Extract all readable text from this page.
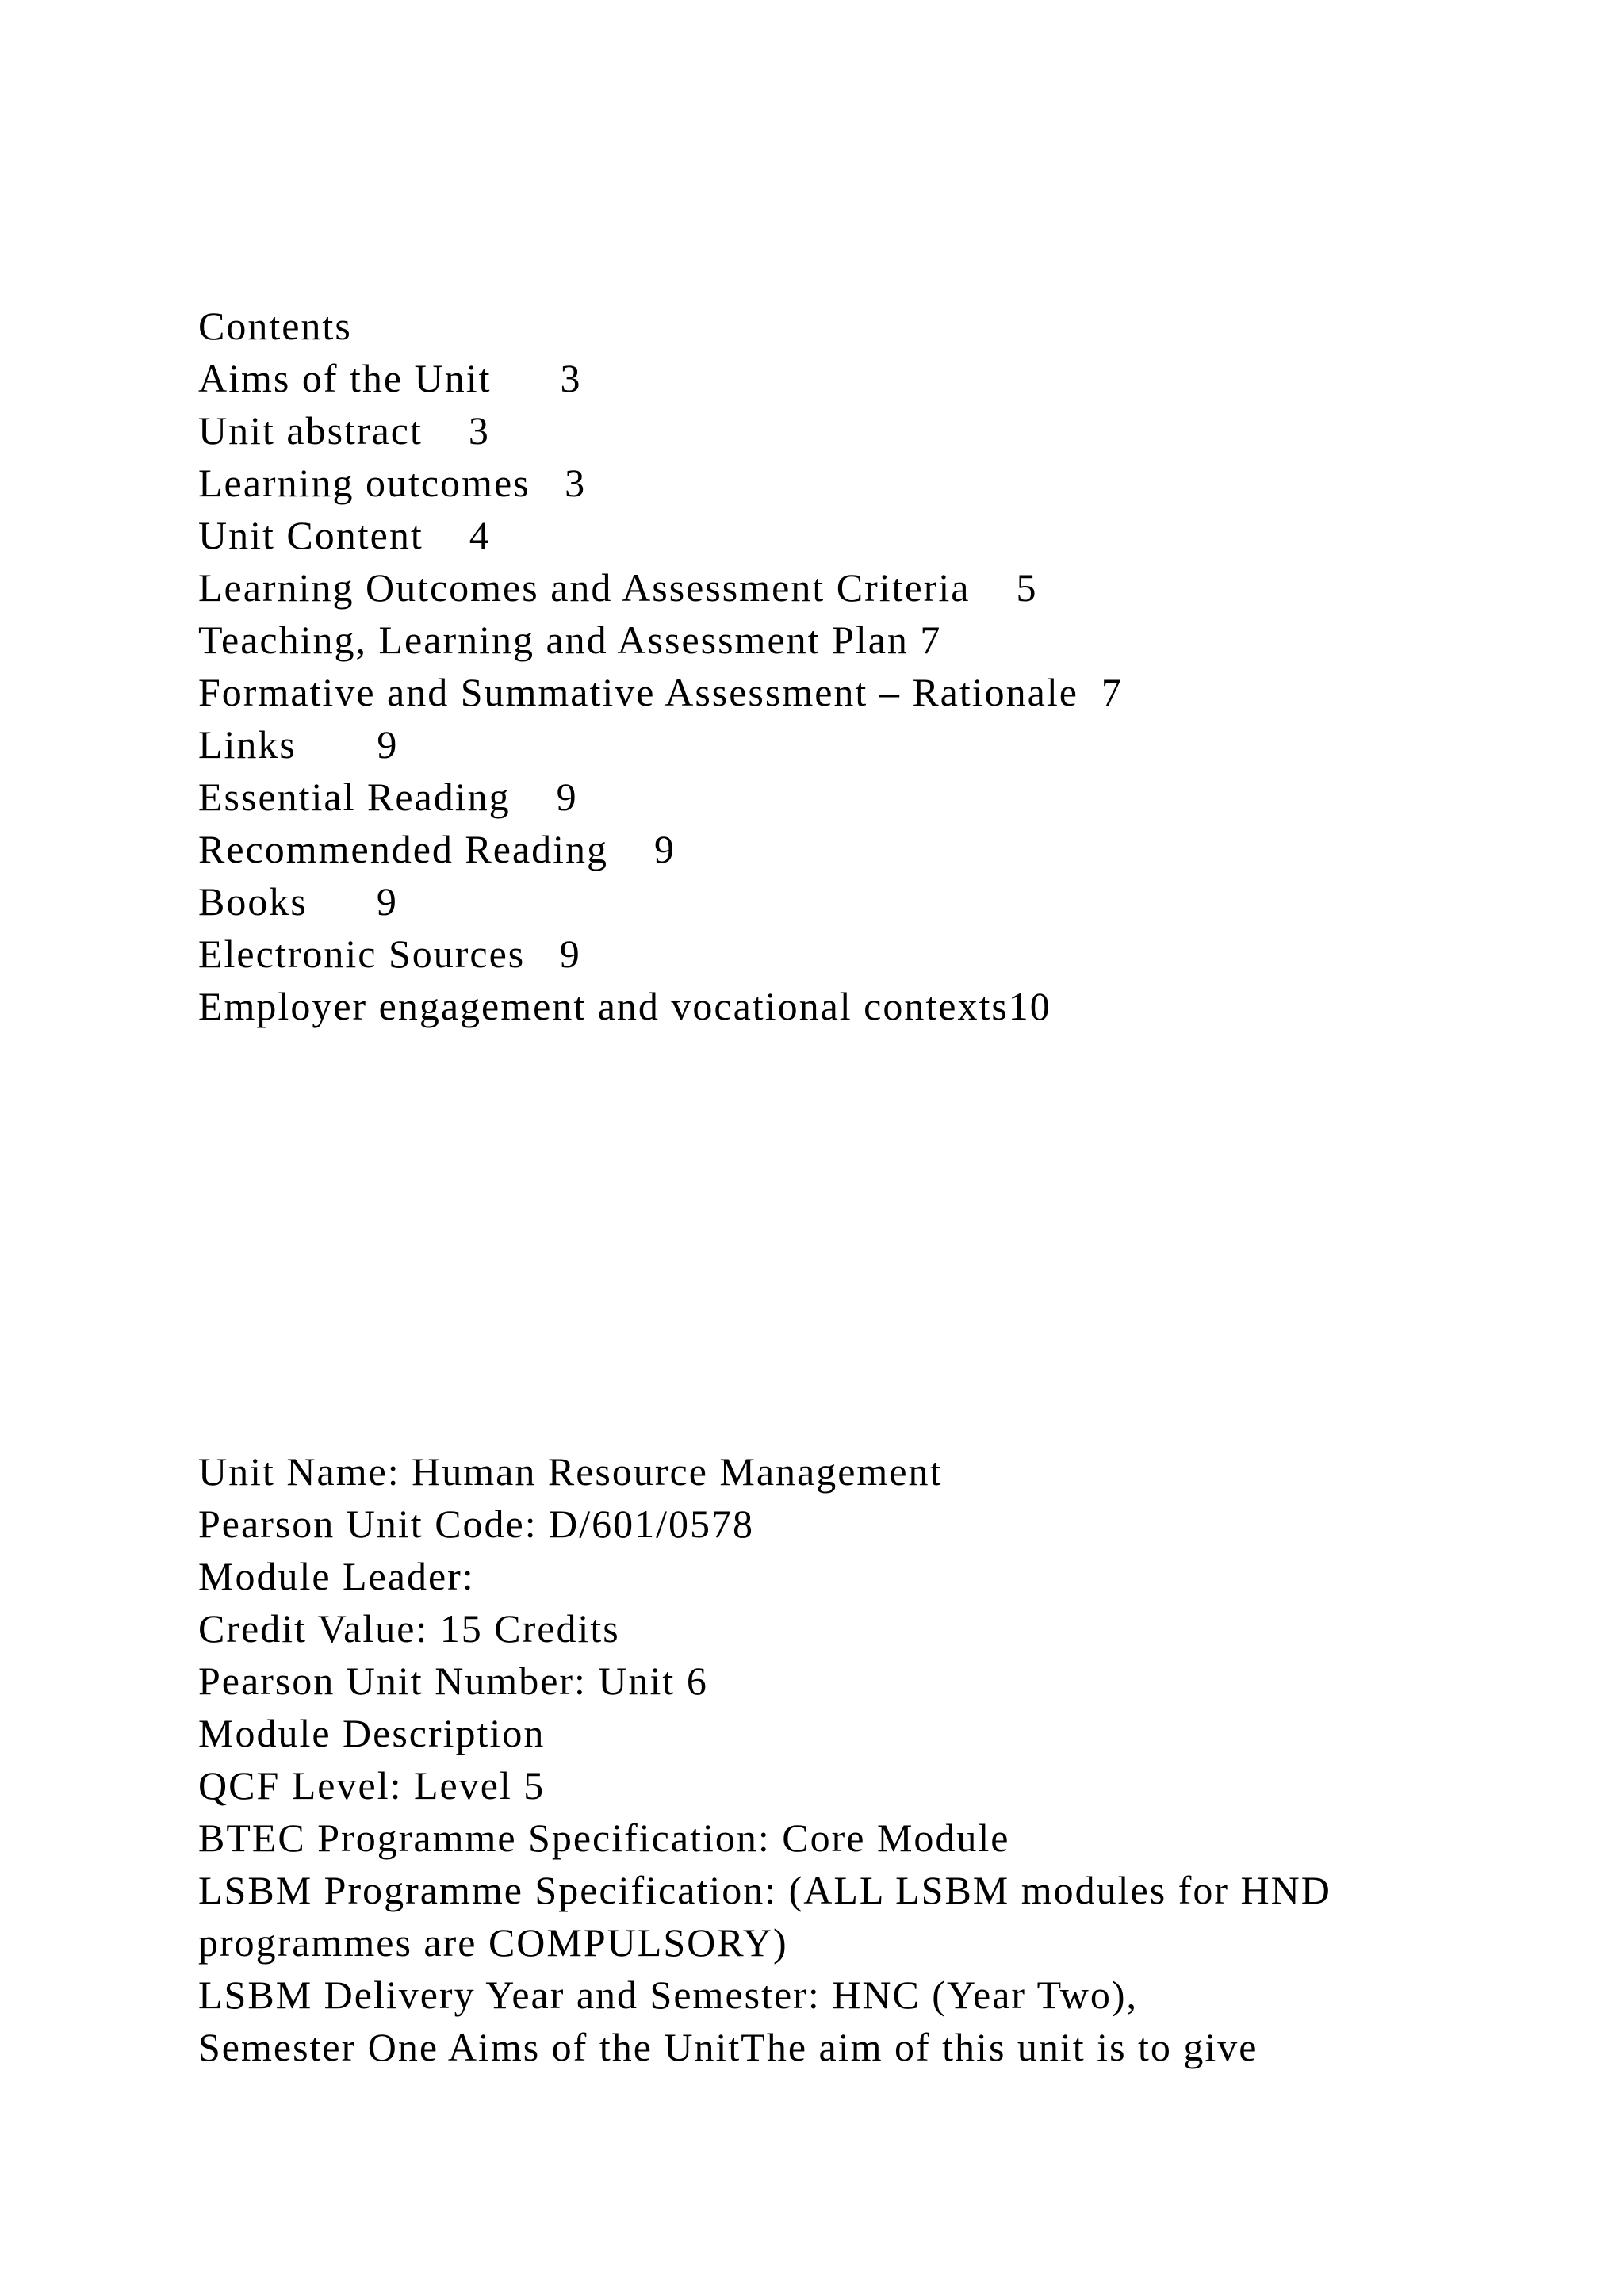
Contents
Aims of the Unit 3
Unit abstract 3
Learning outcomes 3
Unit Content 4
Learning Outcomes and Assessment Criteria 5
Teaching, Learning and Assessment Plan 7
Formative and Summative Assessment – Rationale 7
Links 9
Essential Reading 9
Recommended Reading 9
Books 9
Electronic Sources 9
Employer engagement and vocational contexts10
Unit Name: Human Resource Management
Pearson Unit Code: D/601/0578
Module Leader:
Credit Value: 15 Credits
Pearson Unit Number: Unit 6
Module Description
QCF Level: Level 5
BTEC Programme Specification: Core Module
LSBM Programme Specification: (ALL LSBM modules for HND
programmes are COMPULSORY)
LSBM Delivery Year and Semester: HNC (Year Two),
Semester One Aims of the UnitThe aim of this unit is to give
